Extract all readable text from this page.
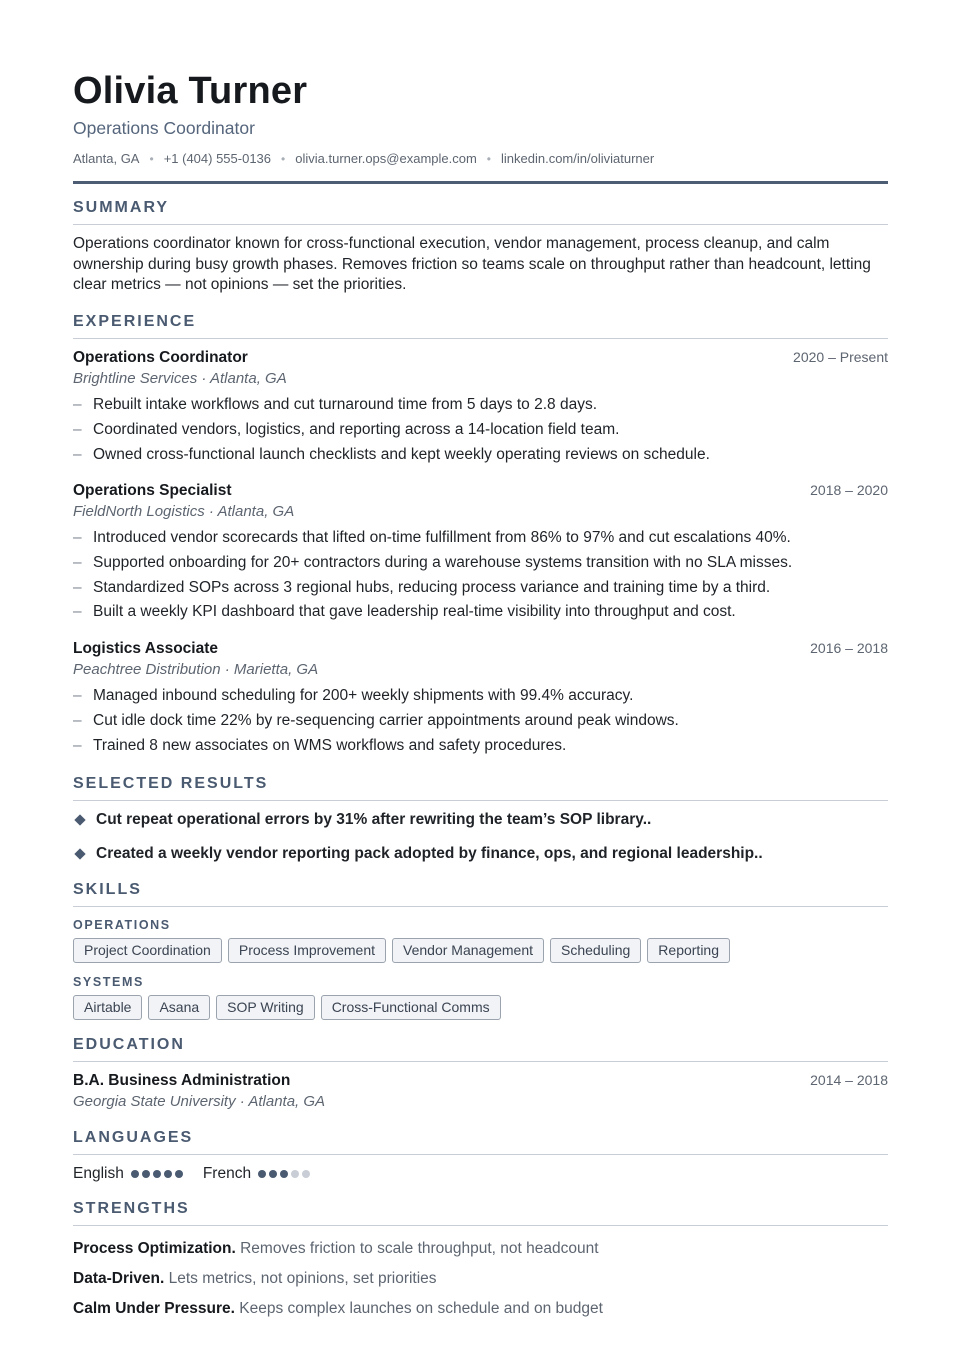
Olivia Turner
Operations Coordinator
Atlanta, GA • +1 (404) 555-0136 • olivia.turner.ops@example.com • linkedin.com/in/oliviaturner
SUMMARY
Operations coordinator known for cross-functional execution, vendor management, process cleanup, and calm ownership during busy growth phases. Removes friction so teams scale on throughput rather than headcount, letting clear metrics — not opinions — set the priorities.
EXPERIENCE
Operations Coordinator	2020 – Present
Brightline Services · Atlanta, GA
– Rebuilt intake workflows and cut turnaround time from 5 days to 2.8 days.
– Coordinated vendors, logistics, and reporting across a 14-location field team.
– Owned cross-functional launch checklists and kept weekly operating reviews on schedule.
Operations Specialist	2018 – 2020
FieldNorth Logistics · Atlanta, GA
– Introduced vendor scorecards that lifted on-time fulfillment from 86% to 97% and cut escalations 40%.
– Supported onboarding for 20+ contractors during a warehouse systems transition with no SLA misses.
– Standardized SOPs across 3 regional hubs, reducing process variance and training time by a third.
– Built a weekly KPI dashboard that gave leadership real-time visibility into throughput and cost.
Logistics Associate	2016 – 2018
Peachtree Distribution · Marietta, GA
– Managed inbound scheduling for 200+ weekly shipments with 99.4% accuracy.
– Cut idle dock time 22% by re-sequencing carrier appointments around peak windows.
– Trained 8 new associates on WMS workflows and safety procedures.
SELECTED RESULTS
Cut repeat operational errors by 31% after rewriting the team’s SOP library..
Created a weekly vendor reporting pack adopted by finance, ops, and regional leadership..
SKILLS
OPERATIONS
Project Coordination	Process Improvement	Vendor Management	Scheduling	Reporting
SYSTEMS
Airtable	Asana	SOP Writing	Cross-Functional Comms
EDUCATION
B.A. Business Administration	2014 – 2018
Georgia State University · Atlanta, GA
LANGUAGES
English	French
STRENGTHS
Process Optimization. Removes friction to scale throughput, not headcount
Data-Driven. Lets metrics, not opinions, set priorities
Calm Under Pressure. Keeps complex launches on schedule and on budget
